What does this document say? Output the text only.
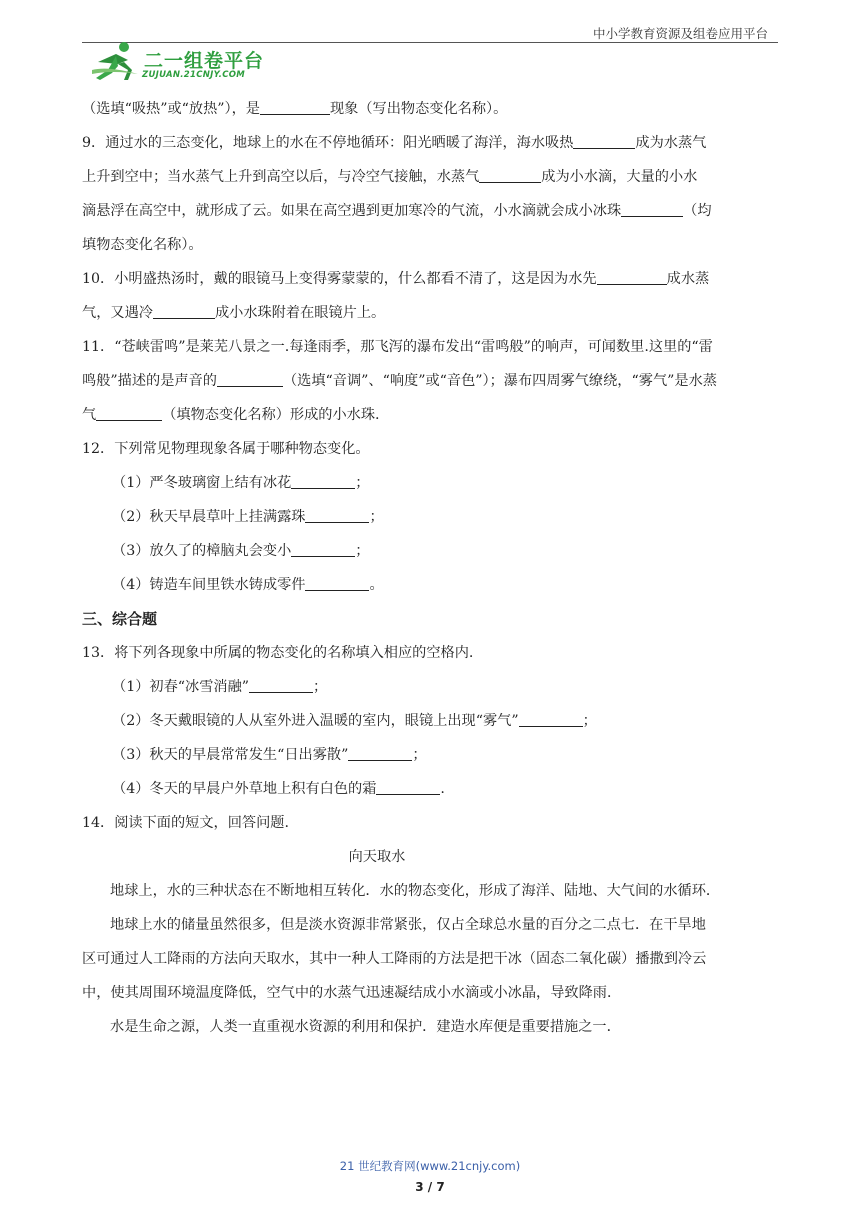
中小学教育资源及组卷应用平台
二一组卷平台
ZUJUAN.21CNJY.COM

（选填“吸热”或“放热”），是	现象（写出物态变化名称）。

9．通过水的三态变化，地球上的水在不停地循环：阳光晒暖了海洋，海水吸热	成为水蒸气

上升到空中；当水蒸气上升到高空以后，与冷空气接触，水蒸气	成为小水滴，大量的小水

滴悬浮在高空中，就形成了云。如果在高空遇到更加寒冷的气流，小水滴就会成小冰珠	（均

填物态变化名称）。

10．小明盛热汤时，戴的眼镜马上变得雾蒙蒙的，什么都看不清了，这是因为水先	成水蒸

气，又遇冷	成小水珠附着在眼镜片上。

11．“苍峡雷鸣”是莱芜八景之一.每逢雨季，那飞泻的瀑布发出“雷鸣般”的响声，可闻数里.这里的“雷

鸣般”描述的是声音的	（选填“音调”、“响度”或“音色”）；瀑布四周雾气缭绕，“雾气”是水蒸

气	（填物态变化名称）形成的小水珠.

12．下列常见物理现象各属于哪种物态变化。

（1）严冬玻璃窗上结有冰花	；

（2）秋天早晨草叶上挂满露珠	；

（3）放久了的樟脑丸会变小	；

（4）铸造车间里铁水铸成零件	。

三、综合题

13．将下列各现象中所属的物态变化的名称填入相应的空格内.

（1）初春“冰雪消融”	；

（2）冬天戴眼镜的人从室外进入温暖的室内，眼镜上出现“雾气”	；

（3）秋天的早晨常常发生“日出雾散”	；

（4）冬天的早晨户外草地上积有白色的霜	.

14．阅读下面的短文，回答问题.

向天取水

地球上，水的三种状态在不断地相互转化．水的物态变化，形成了海洋、陆地、大气间的水循环．

地球上水的储量虽然很多，但是淡水资源非常紧张，仅占全球总水量的百分之二点七．在干旱地

区可通过人工降雨的方法向天取水，其中一种人工降雨的方法是把干冰（固态二氧化碳）播撒到冷云

中，使其周围环境温度降低，空气中的水蒸气迅速凝结成小水滴或小冰晶，导致降雨．

水是生命之源，人类一直重视水资源的利用和保护．建造水库便是重要措施之一．

21 世纪教育网(www.21cnjy.com)
3 / 7
